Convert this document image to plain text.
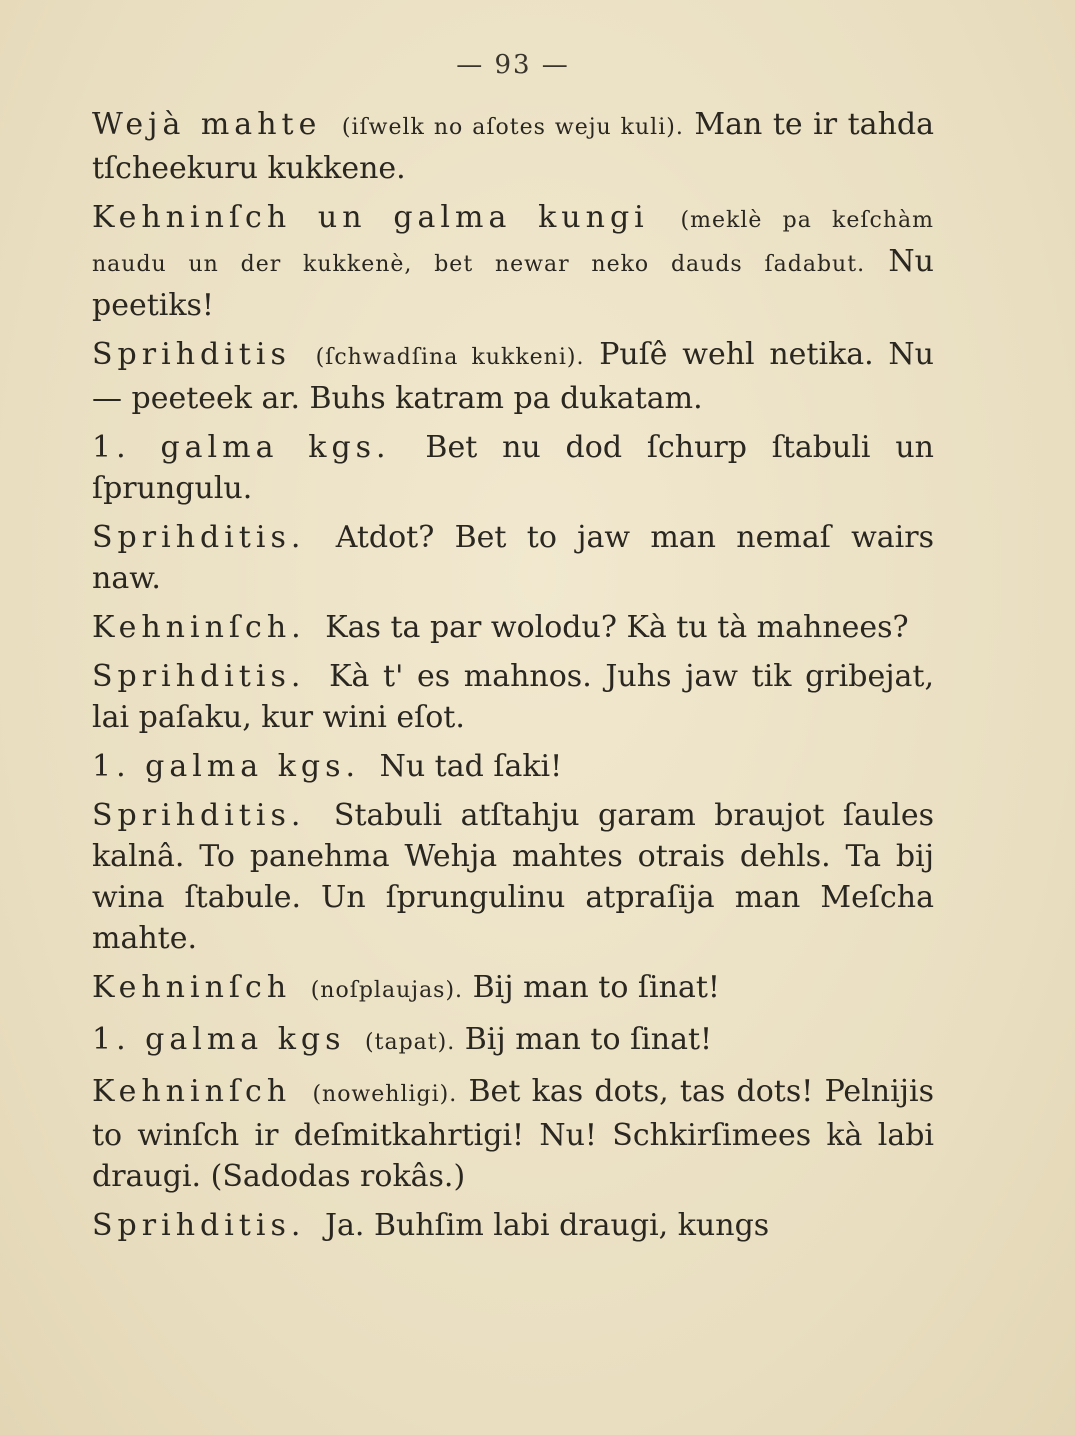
— 93 —

Wejà mahte (iſwelk no aſotes weju kuli). Man te ir tahda tſcheekuru kukkene.

Kehninſch un galma kungi (meklè pa keſchàm naudu un der kukkenè, bet newar neko dauds ſadabut. Nu peetiks!

Sprihditis (ſchwadſina kukkeni). Puſê wehl netika. Nu — peeteek ar. Buhs katram pa dukatam.

1. galma kgs. Bet nu dod ſchurp ſtabuli un ſprungulu.

Sprihditis. Atdot? Bet to jaw man nemaſ wairs naw.

Kehninſch. Kas ta par wolodu? Kà tu tà mahnees?

Sprihditis. Kà t' es mahnos. Juhs jaw tik gribejat, lai paſaku, kur wini eſot.

1. galma kgs. Nu tad ſaki!

Sprihditis. Stabuli atſtahju garam braujot ſaules kalnâ. To panehma Wehja mahtes otrais dehls. Ta bij wina ſtabule. Un ſprungulinu atpraſija man Meſcha mahte.

Kehninſch (noſplaujas). Bij man to ſinat!

1. galma kgs (tapat). Bij man to ſinat!

Kehninſch (nowehligi). Bet kas dots, tas dots! Pelnijis to winſch ir deſmitkahrtigi! Nu! Schkirſimees kà labi draugi. (Sadodas rokâs.)

Sprihditis. Ja. Buhſim labi draugi, kungs
